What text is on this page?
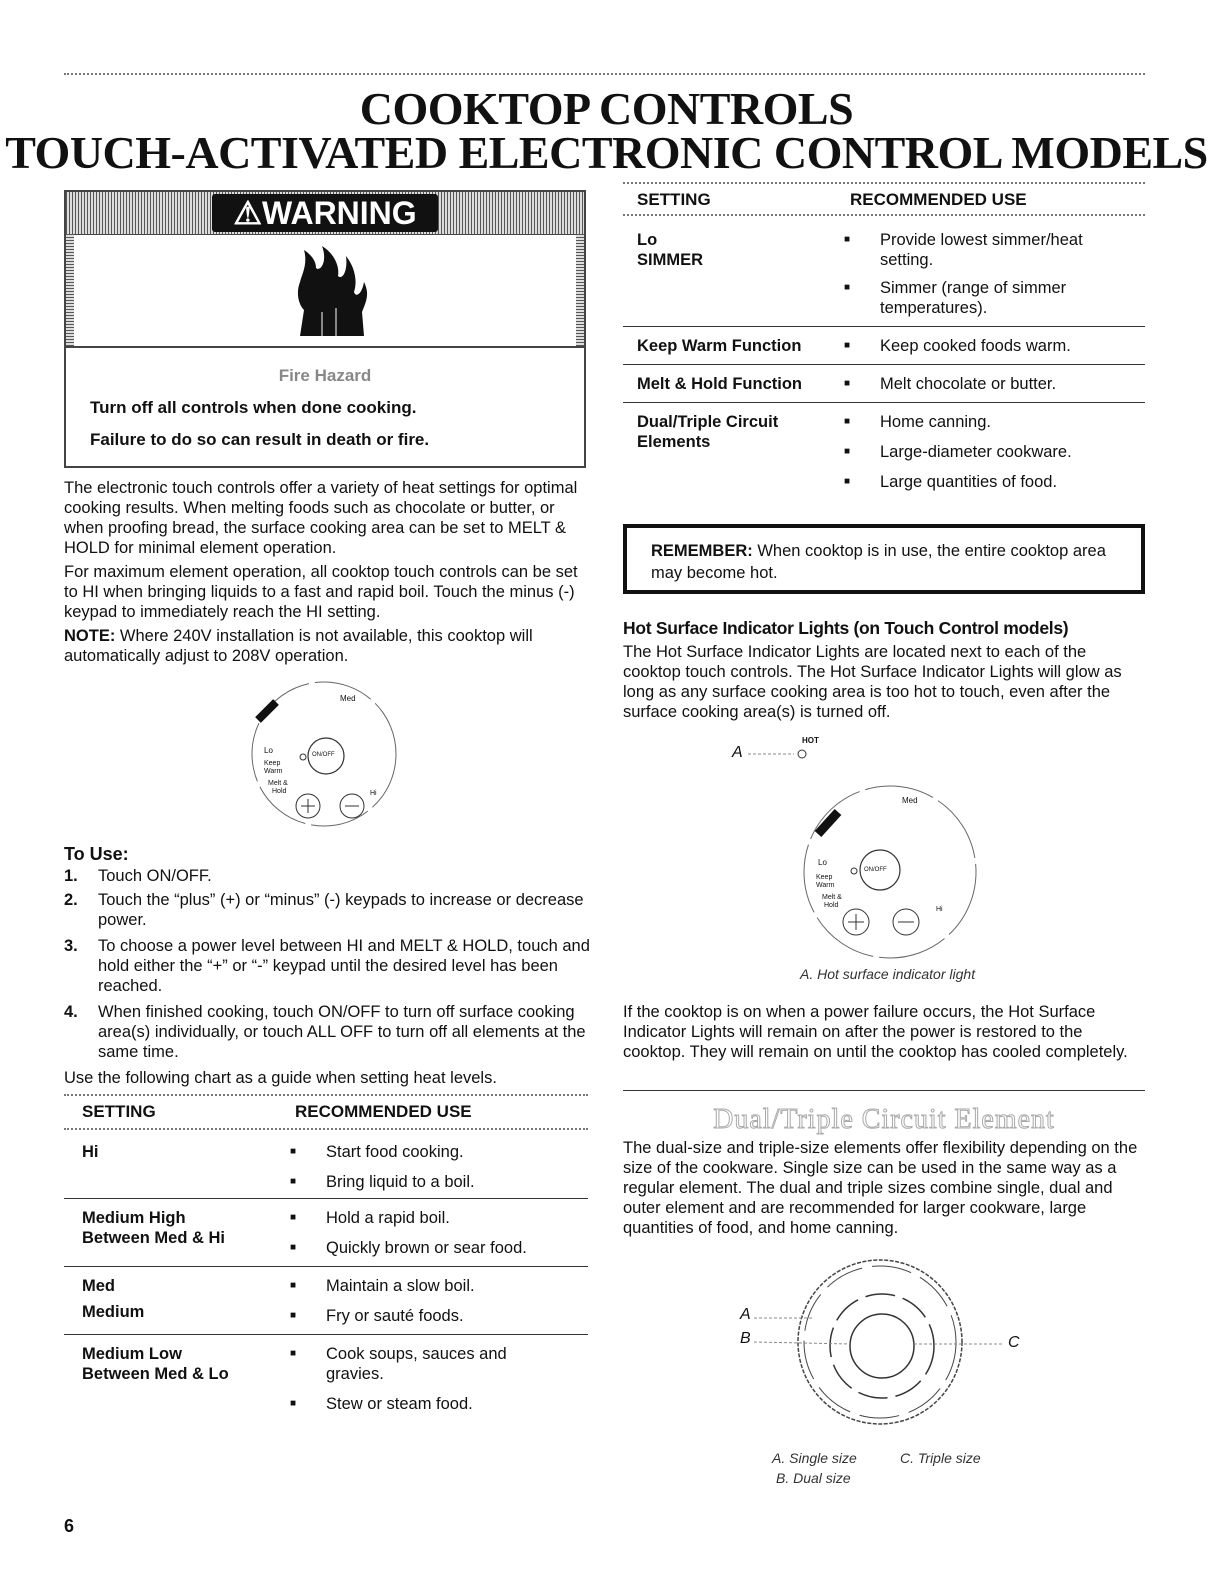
COOKTOP CONTROLS
TOUCH-ACTIVATED ELECTRONIC CONTROL MODELS
⚠WARNING
Fire Hazard
Turn off all controls when done cooking.
Failure to do so can result in death or fire.

The electronic touch controls offer a variety of heat settings for optimal cooking results. When melting foods such as chocolate or butter, or when proofing bread, the surface cooking area can be set to MELT & HOLD for minimal element operation.

For maximum element operation, all cooktop touch controls can be set to HI when bringing liquids to a fast and rapid boil. Touch the minus (-) keypad to immediately reach the HI setting.

NOTE: Where 240V installation is not available, this cooktop will automatically adjust to 208V operation.

Med
Lo	ON/OFF
Keep
Warm
Melt &
Hold	Hi
To Use:
1. Touch ON/OFF.
2. Touch the “plus” (+) or “minus” (-) keypads to increase or decrease power.
3. To choose a power level between HI and MELT & HOLD, touch and hold either the “+” or “-” keypad until the desired level has been reached.
4. When finished cooking, touch ON/OFF to turn off surface cooking area(s) individually, or touch ALL OFF to turn off all elements at the same time.

Use the following chart as a guide when setting heat levels.

SETTING	RECOMMENDED USE
Hi	■ Start food cooking.
■ Bring liquid to a boil.
Medium High
Between Med & Hi
■ Hold a rapid boil.
■ Quickly brown or sear food.
Med
Medium
■ Maintain a slow boil.
■ Fry or sauté foods.
Medium Low
Between Med & Lo
■ Cook soups, sauces and gravies.
■ Stew or steam food.
6
SETTING	RECOMMENDED USE
Lo
SIMMER
■ Provide lowest simmer/heat setting.
■ Simmer (range of simmer temperatures).
Keep Warm Function	■ Keep cooked foods warm.
Melt & Hold Function	■ Melt chocolate or butter.
Dual/Triple Circuit
Elements
■ Home canning.
■ Large-diameter cookware.
■ Large quantities of food.
REMEMBER: When cooktop is in use, the entire cooktop area may become hot.
Hot Surface Indicator Lights (on Touch Control models)

The Hot Surface Indicator Lights are located next to each of the cooktop touch controls. The Hot Surface Indicator Lights will glow as long as any surface cooking area is too hot to touch, even after the surface cooking area(s) is turned off.

HOT
A
Med
Lo
ON/OFF
Keep
Warm
Melt &
Hold
Hi
A. Hot surface indicator light

If the cooktop is on when a power failure occurs, the Hot Surface Indicator Lights will remain on after the power is restored to the cooktop. They will remain on until the cooktop has cooled completely.

Dual/Triple Circuit Element

The dual-size and triple-size elements offer flexibility depending on the size of the cookware. Single size can be used in the same way as a regular element. The dual and triple sizes combine single, dual and outer element and are recommended for larger cookware, large quantities of food, and home canning.

A
B	C
A. Single size	C. Triple size
B. Dual size
